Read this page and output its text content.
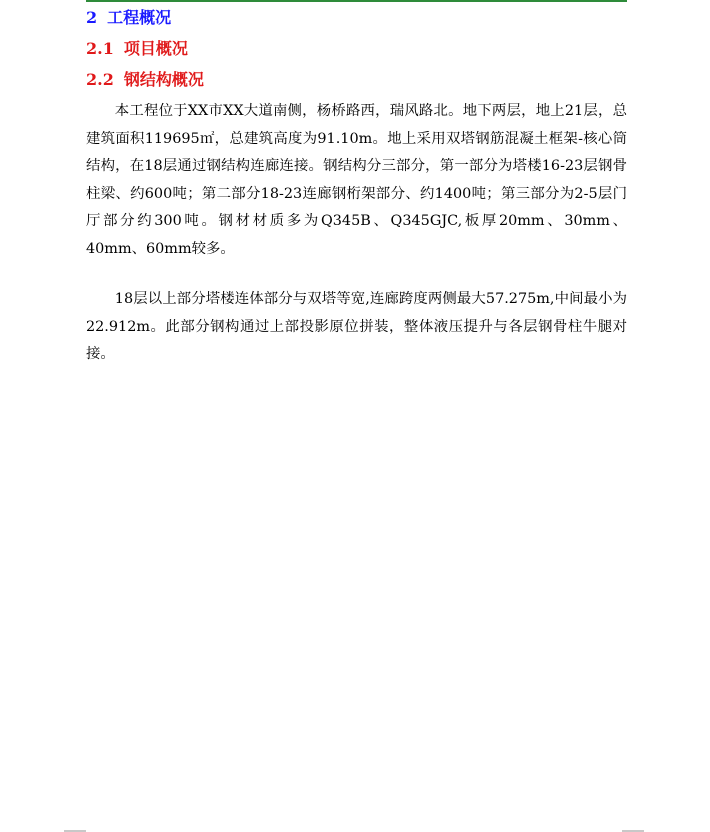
2 工程概况
2.1 项目概况
2.2 钢结构概况

本工程位于XX市XX大道南侧，杨桥路西，瑞风路北。地下两层，地上21层，总建筑面积119695㎡，总建筑高度为91.10m。地上采用双塔钢筋混凝土框架-核心筒结构，在18层通过钢结构连廊连接。钢结构分三部分，第一部分为塔楼16-23层钢骨柱梁、约600吨；第二部分18-23连廊钢桁架部分、约1400吨；第三部分为2-5层门厅部分约300吨。钢材材质多为Q345B、Q345GJC,板厚20mm、30mm、40mm、60mm较多。

18层以上部分塔楼连体部分与双塔等宽,连廊跨度两侧最大57.275m,中间最小为22.912m。此部分钢构通过上部投影原位拼装，整体液压提升与各层钢骨柱牛腿对接。
